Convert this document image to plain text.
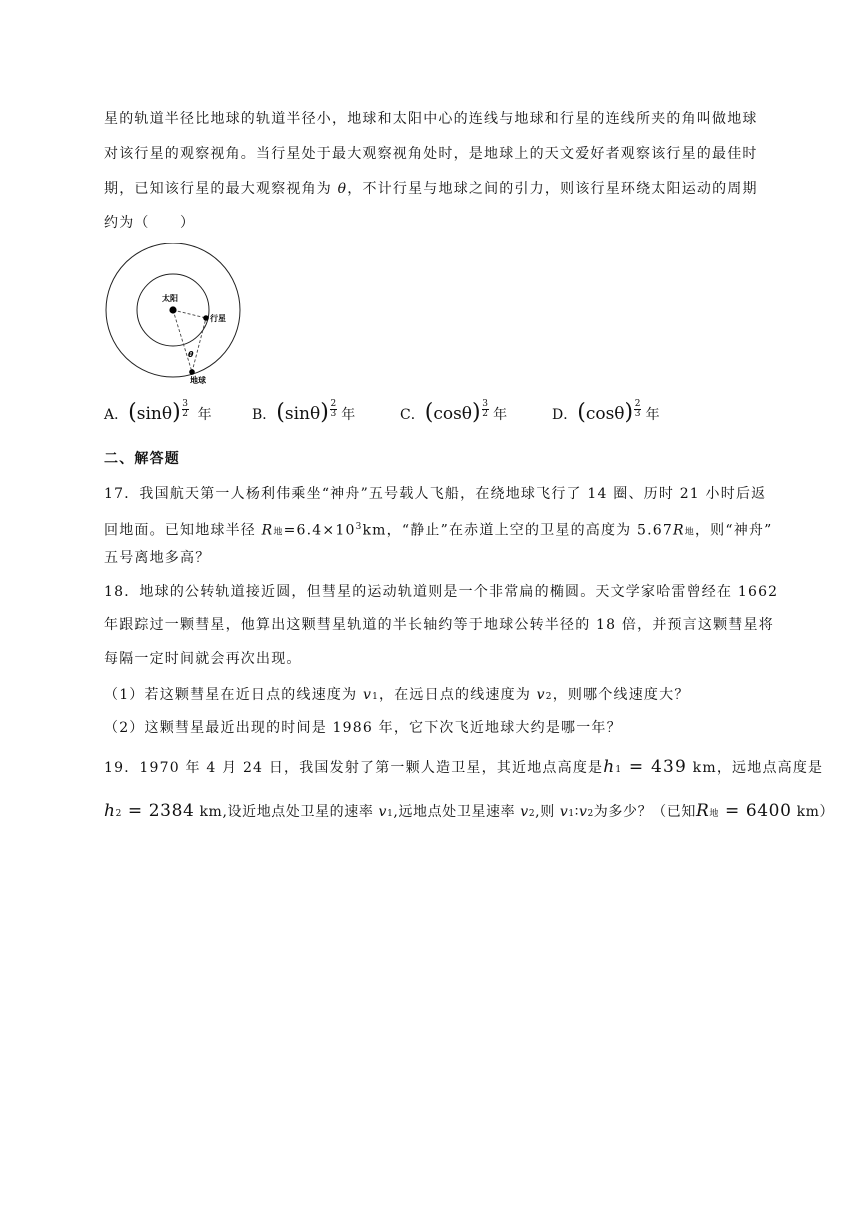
星的轨道半径比地球的轨道半径小，地球和太阳中心的连线与地球和行星的连线所夹的角叫做地球
对该行星的观察视角。当行星处于最大观察视角处时，是地球上的天文爱好者观察该行星的最佳时
期，已知该行星的最大观察视角为 θ，不计行星与地球之间的引力，则该行星环绕太阳运动的周期
约为（　　）
太阳
行星
地球
θ
A．$(\sin\theta) \frac{3}{2}$ 年	B．$(\sin\theta) \frac{2}{3}$ 年	C．$(\cos\theta) \frac{3}{2}$ 年	D．$(\cos\theta) \frac{2}{3}$ 年
二、解答题
17．我国航天第一人杨利伟乘坐“神舟”五号载人飞船，在绕地球飞行了 14 圈、历时 21 小时后返
回地面。已知地球半径 R地$=6.4\times 10^3km$，“静止”在赤道上空的卫星的高度为 5.67R地，则“神舟”
五号离地多高？
18．地球的公转轨道接近圆，但彗星的运动轨道则是一个非常扁的椭圆。天文学家哈雷曾经在 1662
年跟踪过一颗彗星，他算出这颗彗星轨道的半长轴约等于地球公转半径的 18 倍，并预言这颗彗星将
每隔一定时间就会再次出现。
（1）若这颗彗星在近日点的线速度为 v1，在远日点的线速度为 v2，则哪个线速度大？
（2）这颗彗星最近出现的时间是 1986 年，它下次飞近地球大约是哪一年？
19．1970 年 4 月 24 日，我国发射了第一颗人造卫星，其近地点高度是h1 = 439 km，远地点高度是
h2 = 2384 km,设近地点处卫星的速率 v1,远地点处卫星速率 v2,则 v1∶v2为多少？（已知R地 = 6400 km）
